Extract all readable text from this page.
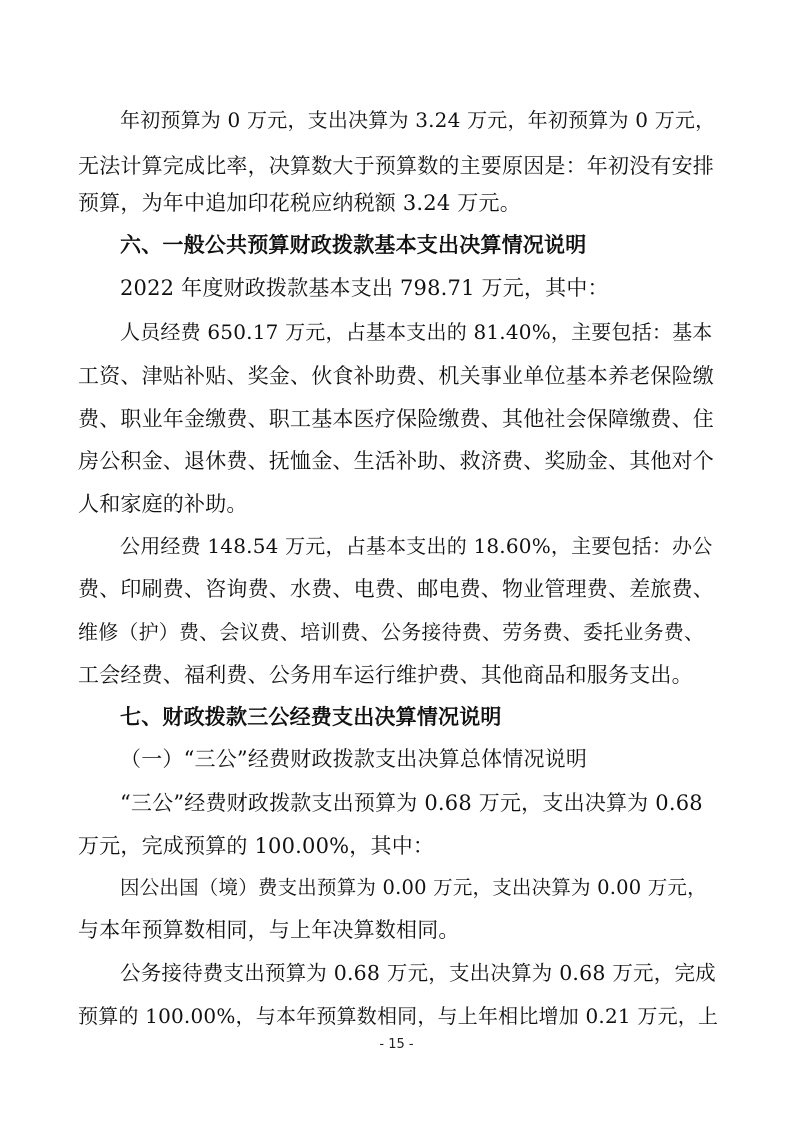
年初预算为 0 万元，支出决算为 3.24 万元，年初预算为 0 万元，
无法计算完成比率，决算数大于预算数的主要原因是：年初没有安排
预算，为年中追加印花税应纳税额 3.24 万元。
六、一般公共预算财政拨款基本支出决算情况说明
2022 年度财政拨款基本支出 798.71 万元，其中：
人员经费 650.17 万元，占基本支出的 81.40%，主要包括：基本
工资、津贴补贴、奖金、伙食补助费、机关事业单位基本养老保险缴
费、职业年金缴费、职工基本医疗保险缴费、其他社会保障缴费、住
房公积金、退休费、抚恤金、生活补助、救济费、奖励金、其他对个
人和家庭的补助。
公用经费 148.54 万元，占基本支出的 18.60%，主要包括：办公
费、印刷费、咨询费、水费、电费、邮电费、物业管理费、差旅费、
维修（护）费、会议费、培训费、公务接待费、劳务费、委托业务费、
工会经费、福利费、公务用车运行维护费、其他商品和服务支出。
七、财政拨款三公经费支出决算情况说明
（一）“三公”经费财政拨款支出决算总体情况说明
“三公”经费财政拨款支出预算为 0.68 万元，支出决算为 0.68
万元，完成预算的 100.00%，其中：
因公出国（境）费支出预算为 0.00 万元，支出决算为 0.00 万元，
与本年预算数相同，与上年决算数相同。
公务接待费支出预算为 0.68 万元，支出决算为 0.68 万元，完成
预算的 100.00%，与本年预算数相同，与上年相比增加 0.21 万元，上
- 15 -
